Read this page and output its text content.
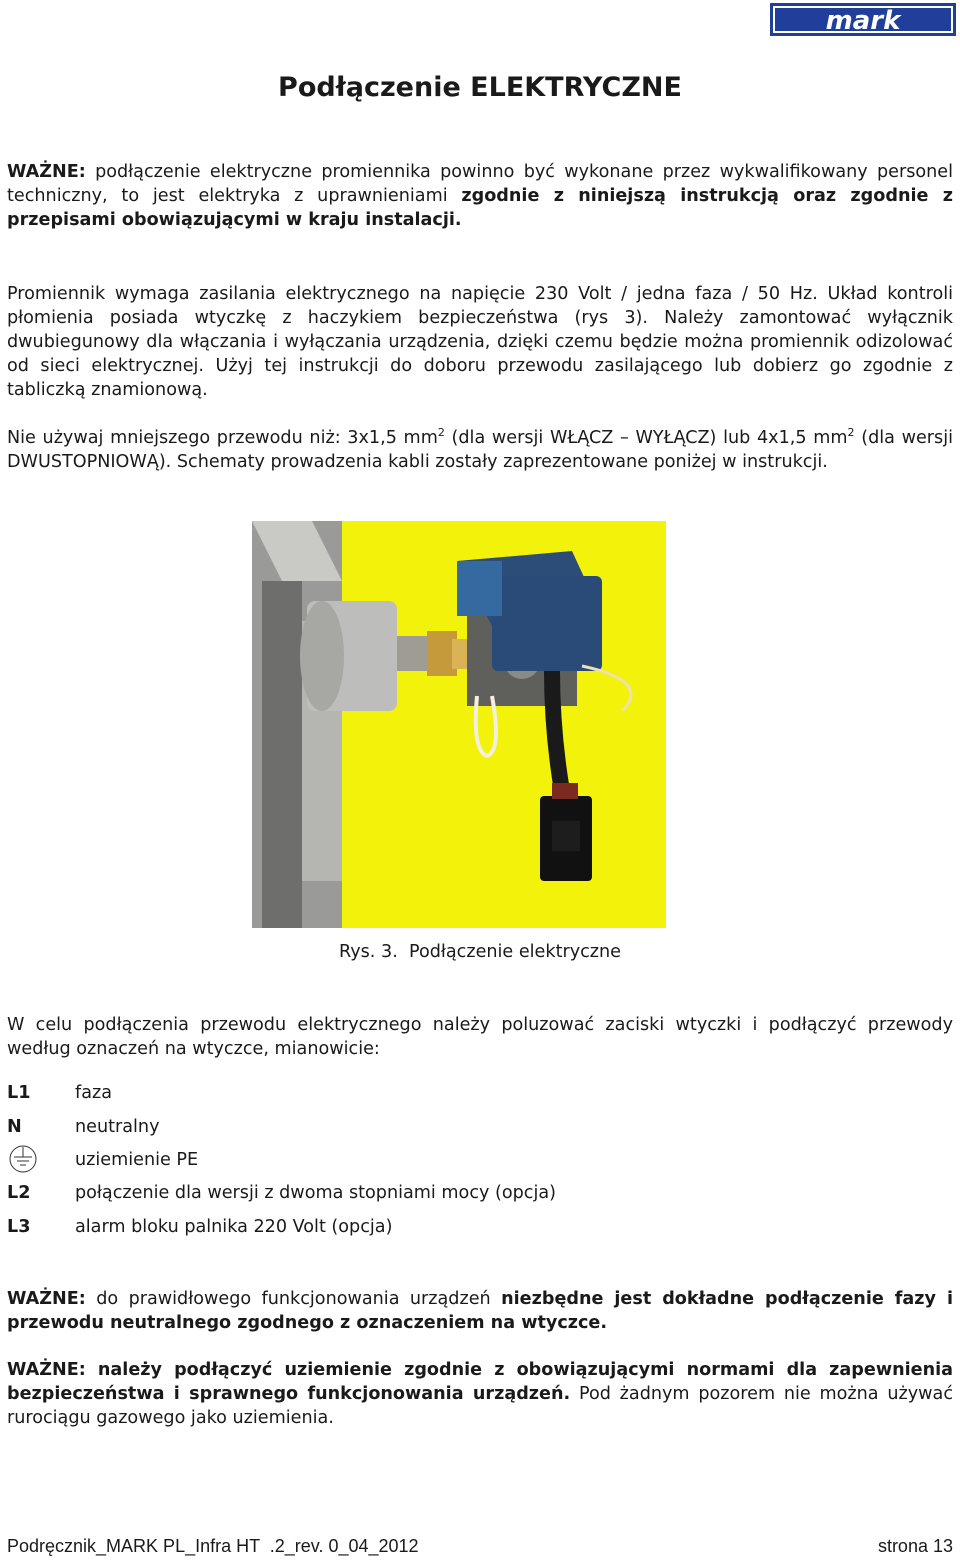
mark
Podłączenie ELEKTRYCZNE

WAŻNE: podłączenie elektryczne promiennika powinno być wykonane przez wykwalifikowany personel techniczny, to jest elektryka z uprawnieniami zgodnie z niniejszą instrukcją oraz zgodnie z przepisami obowiązującymi w kraju instalacji.

Promiennik wymaga zasilania elektrycznego na napięcie 230 Volt / jedna faza / 50 Hz. Układ kontroli płomienia posiada wtyczkę z haczykiem bezpieczeństwa (rys 3). Należy zamontować wyłącznik dwubiegunowy dla włączania i wyłączania urządzenia, dzięki czemu będzie można promiennik odizolować od sieci elektrycznej. Użyj tej instrukcji do doboru przewodu zasilającego lub dobierz go zgodnie z tabliczką znamionową.

Nie używaj mniejszego przewodu niż: 3x1,5 $mm^2$ (dla wersji WŁĄCZ – WYŁĄCZ) lub 4x1,5 $mm^2$ (dla wersji DWUSTOPNIOWĄ). Schematy prowadzenia kabli zostały zaprezentowane poniżej w instrukcji.

Rys. 3.  Podłączenie elektryczne

W celu podłączenia przewodu elektrycznego należy poluzować zaciski wtyczki i podłączyć przewody według oznaczeń na wtyczce, mianowicie:

L1	faza
N	neutralny
uziemienie PE
L2	połączenie dla wersji z dwoma stopniami mocy (opcja)
L3	alarm bloku palnika 220 Volt (opcja)

WAŻNE: do prawidłowego funkcjonowania urządzeń niezbędne jest dokładne podłączenie fazy i przewodu neutralnego zgodnego z oznaczeniem na wtyczce.

WAŻNE: należy podłączyć uziemienie zgodnie z obowiązującymi normami dla zapewnienia bezpieczeństwa i sprawnego funkcjonowania urządzeń. Pod żadnym pozorem nie można używać rurociągu gazowego jako uziemienia.

Podręcznik_MARK PL_Infra HT  .2_rev. 0_04_2012	strona 13
